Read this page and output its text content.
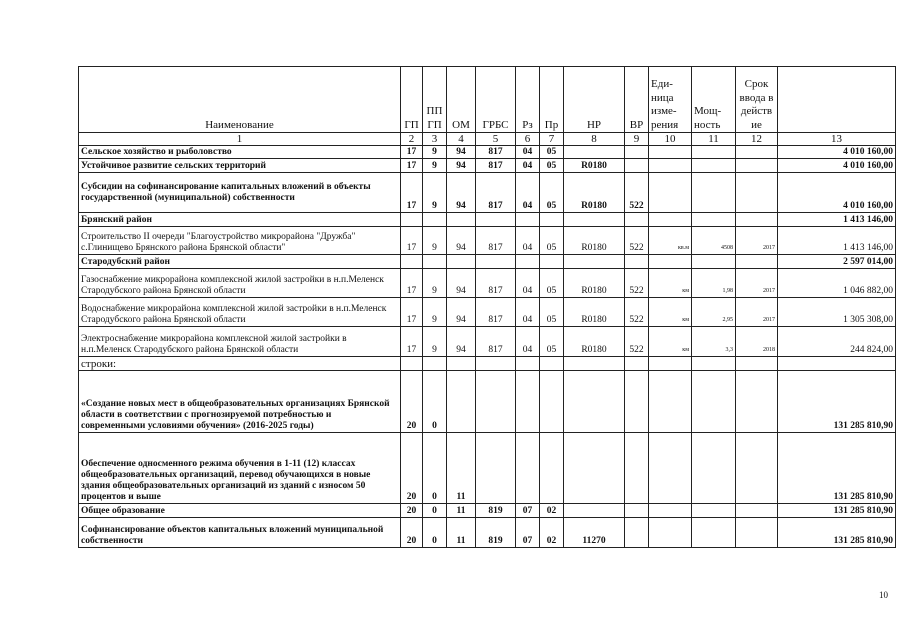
Наименование	ГП	ПП ГП	ОМ	ГРБС	Рз	Пр	НР	ВР	Еди- ница изме- рения	Мощ- ность	Срок ввода в действ ие	
1	2	3	4	5	6	7	8	9	10	11	12	13
Сельское хозяйство и рыболовство	17	9	94	817	04	05						4 010 160,00
Устойчивое развитие сельских территорий	17	9	94	817	04	05	R0180					4 010 160,00
Субсидии на софинансирование капитальных вложений в объекты государственной (муниципальной) собственности	17	9	94	817	04	05	R0180	522				4 010 160,00
Брянский район												1 413 146,00
Строительство II очереди "Благоустройство микрорайона "Дружба" с.Глинищево Брянского района Брянской области"	17	9	94	817	04	05	R0180	522	кв.м	4508	2017	1 413 146,00
Стародубский район												2 597 014,00
Газоснабжение микрорайона комплексной жилой застройки в н.п.Меленск Стародубского района Брянской области	17	9	94	817	04	05	R0180	522	км	1,98	2017	1 046 882,00
Водоснабжение микрорайона комплексной жилой застройки в н.п.Меленск Стародубского района Брянской области	17	9	94	817	04	05	R0180	522	км	2,95	2017	1 305 308,00
Электроснабжение микрорайона комплексной жилой застройки в н.п.Меленск Стародубского района Брянской области	17	9	94	817	04	05	R0180	522	км	3,3	2018	244 824,00
строки:												
«Создание новых мест в общеобразовательных организациях Брянской области в соответствии с прогнозируемой потребностью и современными условиями обучения» (2016-2025 годы)	20	0										131 285 810,90
Обеспечение односменного режима обучения в 1-11 (12) классах общеобразовательных организаций, перевод обучающихся в новые здания общеобразовательных организаций из зданий с износом 50 процентов и выше	20	0	11									131 285 810,90
Общее образование	20	0	11	819	07	02						131 285 810,90
Софинансирование объектов капитальных вложений муниципальной собственности	20	0	11	819	07	02	11270					131 285 810,90
10
